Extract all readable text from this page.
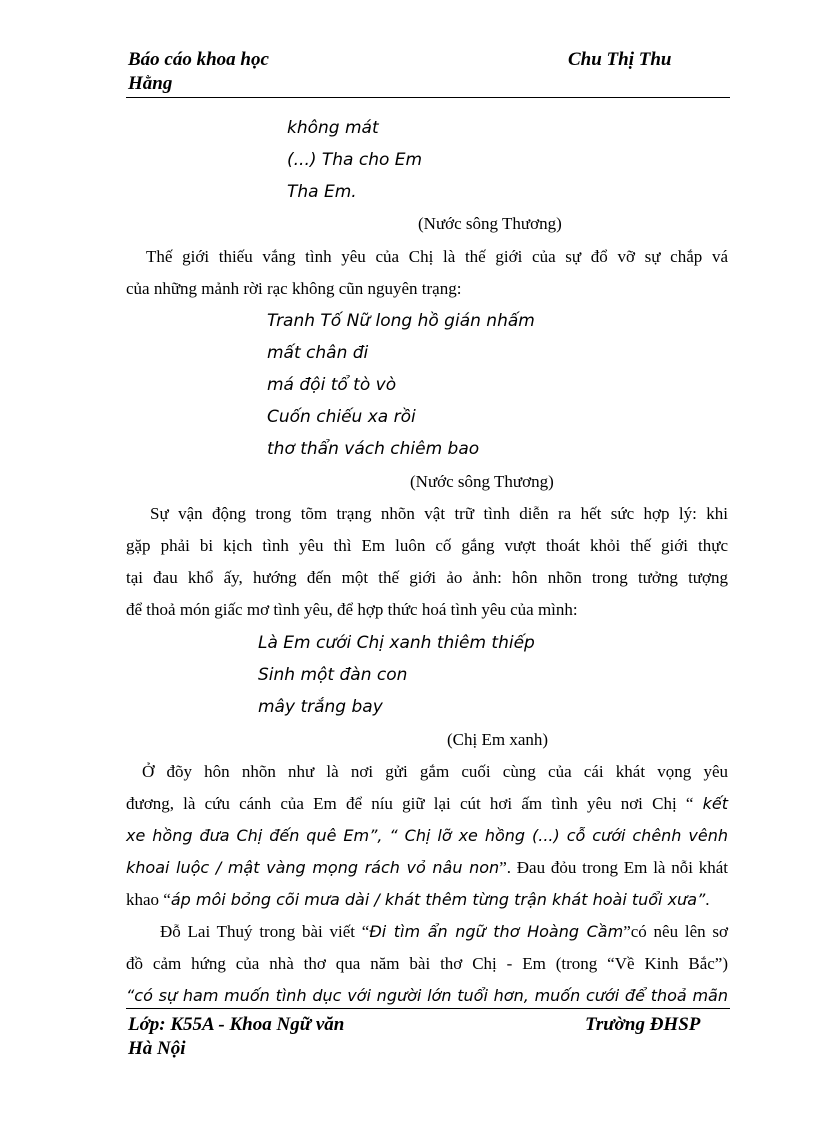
Báo cáo khoa học
Hằng
Chu Thị Thu
không mát
(...) Tha cho Em
Tha Em.
(Nước sông Thương)
Thế giới thiếu vắng tình yêu của Chị là thế giới của sự đổ vỡ sự chắp vá
của những mảnh rời rạc không cũn nguyên trạng:
Tranh Tố Nữ long hồ gián nhấm
mất chân đi
má đội tổ tò vò
Cuốn chiếu xa rồi
thơ thẩn vách chiêm bao
(Nước sông Thương)
Sự vận động trong tõm trạng nhõn vật trữ tình diễn ra hết sức hợp lý: khi
gặp phải bi kịch tình yêu thì Em luôn cố gắng vượt thoát khỏi thế giới thực
tại đau khổ ấy, hướng đến một thế giới ảo ảnh: hôn nhõn trong tưởng tượng
để thoả món giấc mơ tình yêu, để hợp thức hoá tình yêu của mình:
Là Em cưới Chị xanh thiêm thiếp
Sinh một đàn con
mây trắng bay
(Chị Em xanh)
Ở đõy hôn nhõn như là nơi gửi gắm cuối cùng của cái khát vọng yêu
đương, là cứu cánh của Em để níu giữ lại cút hơi ấm tình yêu nơi Chị “ kết
xe hồng đưa Chị đến quê Em”, “ Chị lỡ xe hồng (...) cỗ cưới chênh vênh
khoai luộc / mật vàng mọng rách vỏ nâu non”. Đau đỏu trong Em là nỗi khát
khao “áp môi bỏng cõi mưa dài / khát thêm từng trận khát hoài tuổi xưa”.
Đỗ Lai Thuý trong bài viết “Đi tìm ẩn ngữ thơ Hoàng Cầm”có nêu lên sơ
đồ cảm hứng của nhà thơ qua năm bài thơ Chị - Em (trong “Về Kinh Bắc”)
“có sự ham muốn tình dục với người lớn tuổi hơn, muốn cưới để thoả mãn
Lớp: K55A - Khoa Ngữ văn
Hà Nội
Trường ĐHSP
